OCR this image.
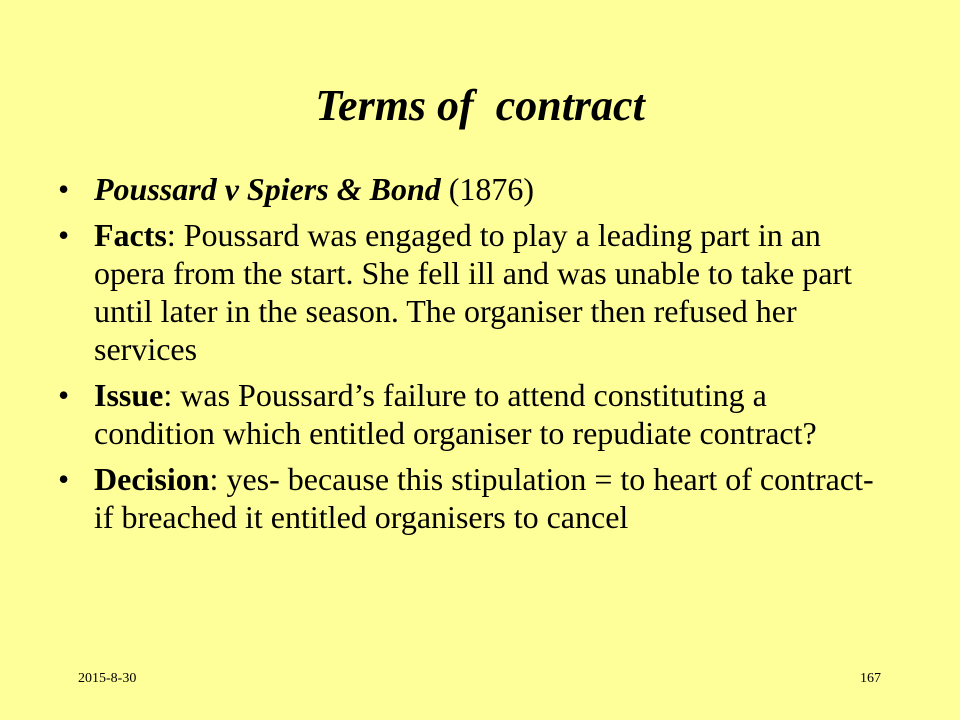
Terms of  contract
• Poussard v Spiers & Bond (1876)
• Facts: Poussard was engaged to play a leading part in an opera from the start. She fell ill and was unable to take part until later in the season. The organiser then refused her services
• Issue: was Poussard’s failure to attend constituting a condition which entitled organiser to repudiate contract?
• Decision: yes- because this stipulation = to heart of contract- if breached it entitled organisers to cancel
2015-8-30	167
